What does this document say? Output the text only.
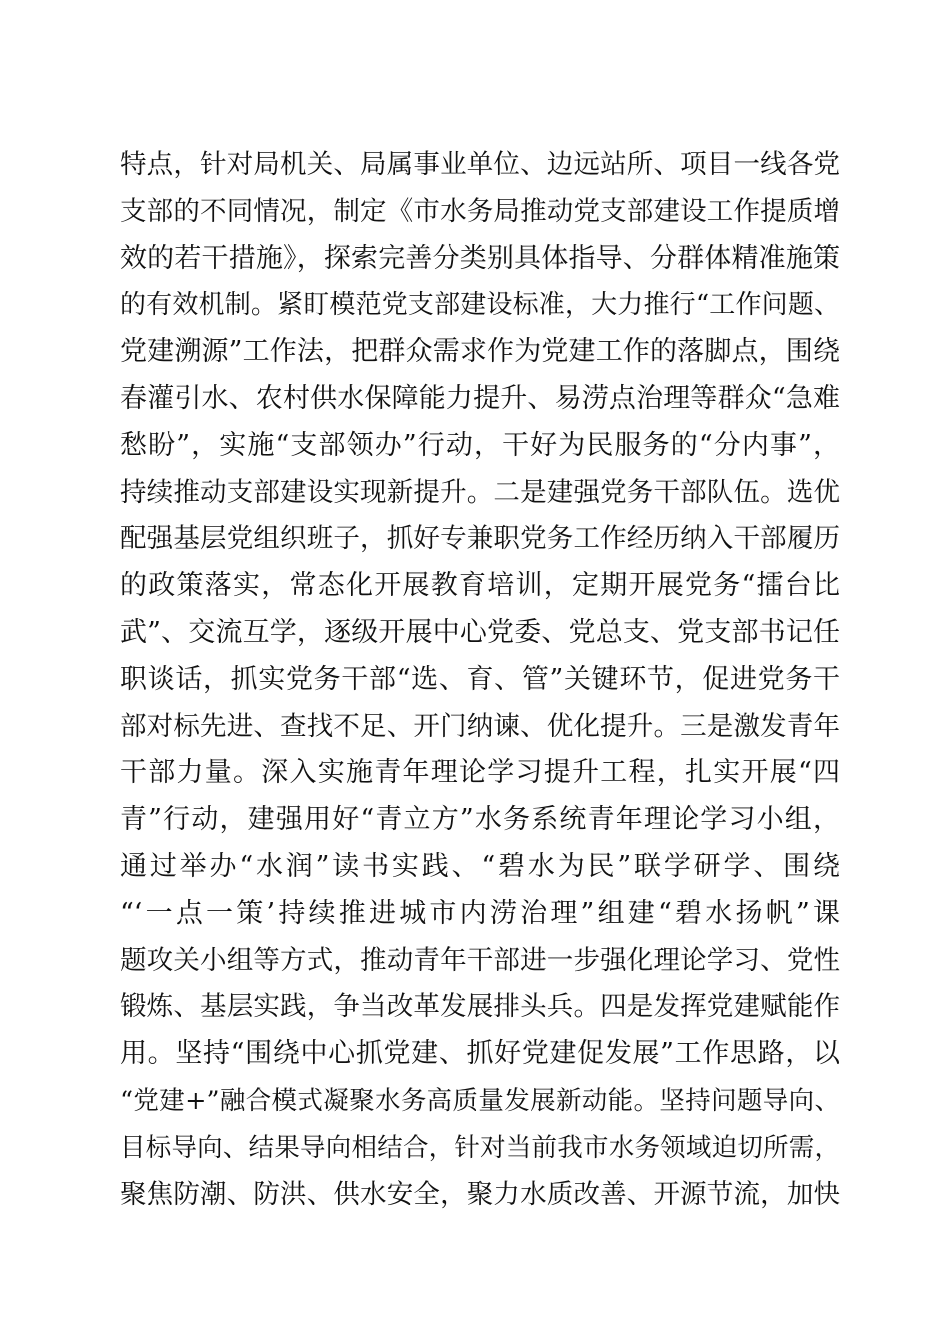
特点，针对局机关、局属事业单位、边远站所、项目一线各党
支部的不同情况，制定《市水务局推动党支部建设工作提质增
效的若干措施》，探索完善分类别具体指导、分群体精准施策
的有效机制。紧盯模范党支部建设标准，大力推行“工作问题、
党建溯源”工作法，把群众需求作为党建工作的落脚点，围绕
春灌引水、农村供水保障能力提升、易涝点治理等群众“急难
愁盼”，实施“支部领办”行动，干好为民服务的“分内事”，
持续推动支部建设实现新提升。二是建强党务干部队伍。选优
配强基层党组织班子，抓好专兼职党务工作经历纳入干部履历
的政策落实，常态化开展教育培训，定期开展党务“擂台比
武”、交流互学，逐级开展中心党委、党总支、党支部书记任
职谈话，抓实党务干部“选、育、管”关键环节，促进党务干
部对标先进、查找不足、开门纳谏、优化提升。三是激发青年
干部力量。深入实施青年理论学习提升工程，扎实开展“四
青”行动，建强用好“青立方”水务系统青年理论学习小组，
通过举办“水润”读书实践、“碧水为民”联学研学、围绕
“‘一点一策’持续推进城市内涝治理”组建“碧水扬帆”课
题攻关小组等方式，推动青年干部进一步强化理论学习、党性
锻炼、基层实践，争当改革发展排头兵。四是发挥党建赋能作
用。坚持“围绕中心抓党建、抓好党建促发展”工作思路，以
“党建+”融合模式凝聚水务高质量发展新动能。坚持问题导向、
目标导向、结果导向相结合，针对当前我市水务领域迫切所需，
聚焦防潮、防洪、供水安全，聚力水质改善、开源节流，加快
